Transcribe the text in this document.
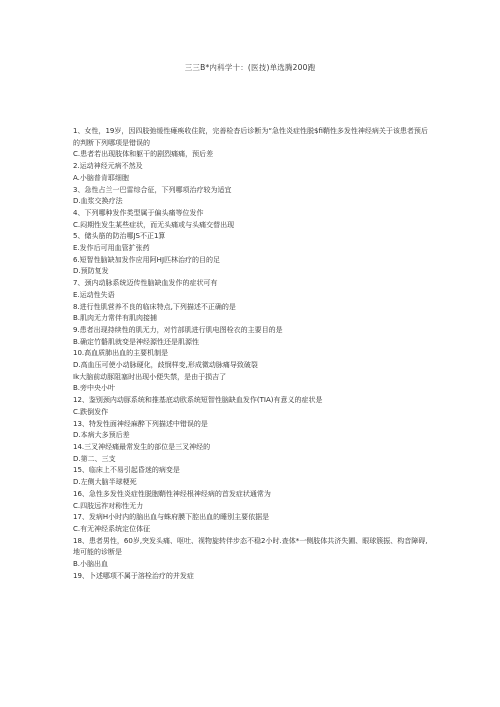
三三B*内科学十：(医技)单选腾200跑
1、女性，19岁，因四肢弛缓性瘫痪收住院，完善检杳后诊断为“急性炎症性脱$fi鞘性多发性神经病关于该患者预后的判断下列哪项是错误的
C.患者若出现肢体和躯干的剧烈痛痛，预后差
2.运动神经元病不然及
A.小脑普肯耶细胞
3、急性占兰一巴雷综合征，下列哪项治疗较为适宜
D.血浆交换疗法
4、下列哪种发作类型属于偏头痛等位发作
C.闷期性发生某些症状，而无头痛或与头痛交替出现
5、储头筋的防治哪JS不正1算
E.发作后可用血管扩张药
6.短智性脑缺加发作应用阿HJ匹林治疗的目的足
D.预防复发
7、颈内动脉系统迈传性脑缺血发作的症状可有
E.运动性失语
8.进行性肌营养不良的临床特点,下列描述不正确的是
B.肌肉无力常伴有肌肉接捕
9.患者出现持续性的肌无力，对竹部肌进行肌电图栓衣的主要目的是
B.确定竹骼肌就变是神经源性还是肌源性
10.高血质肺出血的主要机制是
D.高血压可使小动脉硬化，歧悯样变,形成微动脉痛导致破裂
Ik大脑前动豚阻塞时出现小便失禁，是由于损吉了
B.旁中央小叶
12、鉴别颈内动豚系统和推基底动欧系统短智性脑缺血发作(TIA)有意义的症状是
C.跌倒发作
13、特发性面神经麻醉下列描述中错误的是
D.本病大多预后差
14.三叉神经痛最常发生的部位是三叉神经的
D.第二、三支
15、临床上不易引起昏迷的病变是
D.左侧大脑半球梗死
16、急性多发性炎症性脱胞鞘性神经根神经病的首发症状通常为
C.四肢远祚对称性无力
17、发病H小时内的脑出血与蛛府膜下腔出血的睡别主要依据是
C.有无神经系统定位体征
18、患者男性，60岁,突发头痛、呕吐、视物旋转伴步态不稳2小时.查体*一侧肢体共济失圃、眼球簇振、构音障碍,地可能的诊断是
B.小脑出血
19、卜述哪项不属于溶栓治疗的并发症
